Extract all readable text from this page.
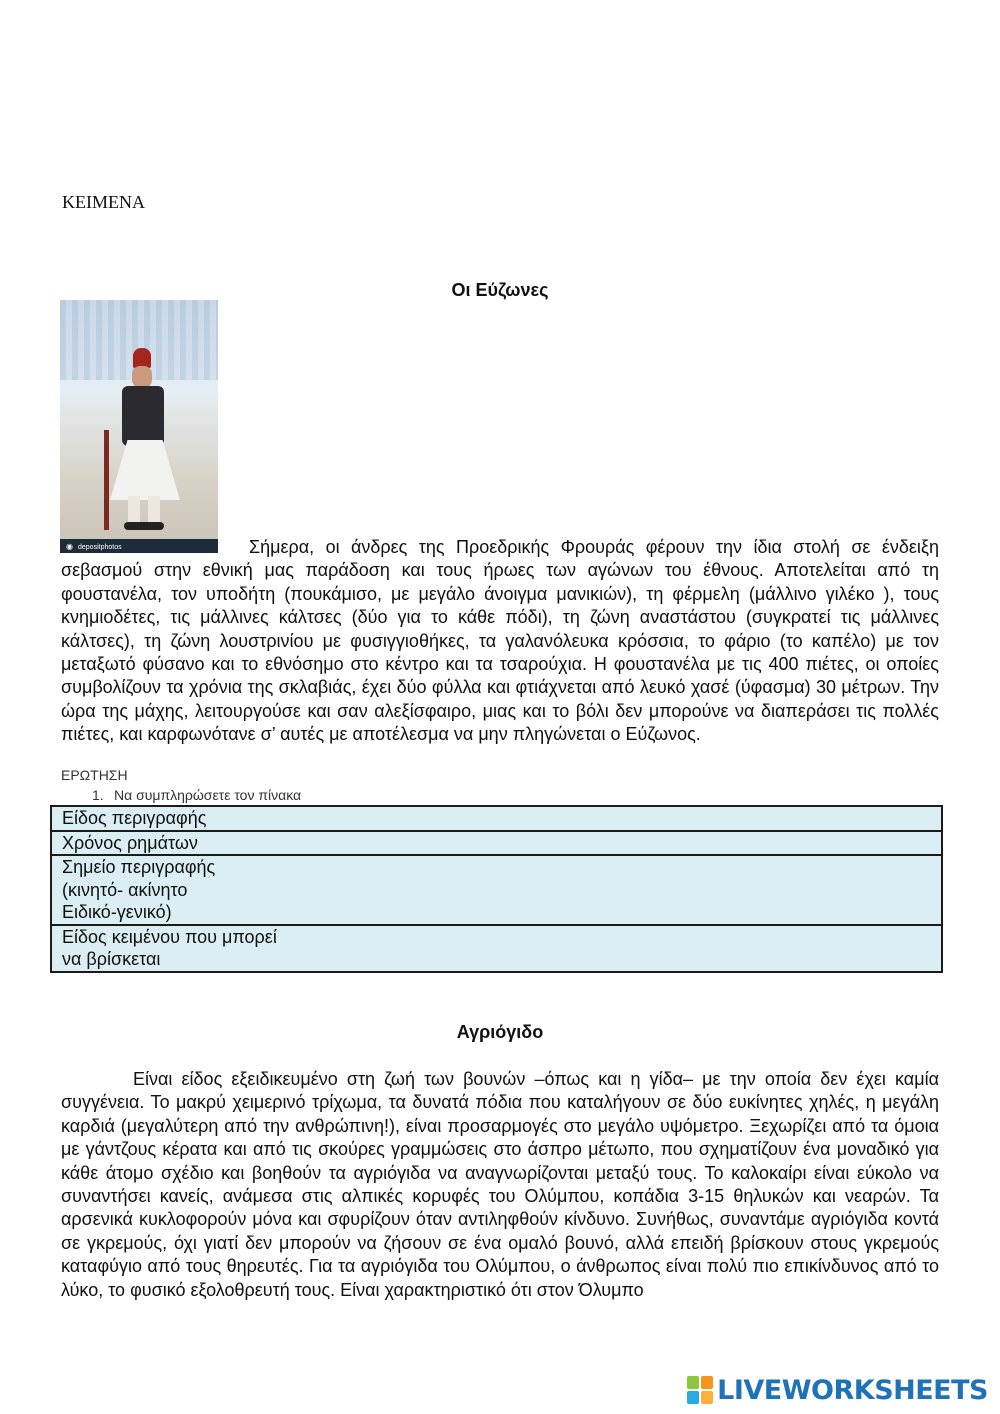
KEIMENA
Οι Εύζωνες
◉ depositphotos	Σήμερα, οι άνδρες της Προεδρικής Φρουράς φέρουν την ίδια στολή σε ένδειξη σεβασμού στην εθνική μας παράδοση και τους ήρωες των αγώνων του έθνους. Αποτελείται από τη φουστανέλα, τον υποδήτη (πουκάμισο, με μεγάλο άνοιγμα μανικιών), τη φέρμελη (μάλλινο γιλέκο ), τους κνημιοδέτες, τις μάλλινες κάλτσες (δύο για το κάθε πόδι), τη ζώνη αναστάστου (συγκρατεί τις μάλλινες κάλτσες), τη ζώνη λουστρινίου με φυσιγγιοθήκες, τα γαλανόλευκα κρόσσια, το φάριο (το καπέλο) με τον μεταξωτό φύσανο και το εθνόσημο στο κέντρο και τα τσαρούχια. Η φουστανέλα με τις 400 πιέτες, οι οποίες συμβολίζουν τα χρόνια της σκλαβιάς, έχει δύο φύλλα και φτιάχνεται από λευκό χασέ (ύφασμα) 30 μέτρων. Την ώρα της μάχης, λειτουργούσε και σαν αλεξίσφαιρο, μιας και το βόλι δεν μπορούνε να διαπεράσει τις πολλές πιέτες, και καρφωνότανε σ’ αυτές με αποτέλεσμα να μην πληγώνεται ο Εύζωνος.

ΕΡΩΤΗΣΗ
1. Να συμπληρώσετε τον πίνακα
Είδος περιγραφής

Χρόνος ρημάτων

Σημείο περιγραφής
(κινητό- ακίνητο
Ειδικό-γενικό)

Είδος κειμένου που μπορεί
να βρίσκεται
Αγριόγιδο

Είναι είδος εξειδικευμένο στη ζωή των βουνών –όπως και η γίδα– με την οποία δεν έχει καμία συγγένεια. Το μακρύ χειμερινό τρίχωμα, τα δυνατά πόδια που καταλήγουν σε δύο ευκίνητες χηλές, η μεγάλη καρδιά (μεγαλύτερη από την ανθρώπινη!), είναι προσαρμογές στο μεγάλο υψόμετρο. Ξεχωρίζει από τα όμοια με γάντζους κέρατα και από τις σκούρες γραμμώσεις στο άσπρο μέτωπο, που σχηματίζουν ένα μοναδικό για κάθε άτομο σχέδιο και βοηθούν τα αγριόγιδα να αναγνωρίζονται μεταξύ τους. Το καλοκαίρι είναι εύκολο να συναντήσει κανείς, ανάμεσα στις αλπικές κορυφές του Ολύμπου, κοπάδια 3-15 θηλυκών και νεαρών. Τα αρσενικά κυκλοφορούν μόνα και σφυρίζουν όταν αντιληφθούν κίνδυνο. Συνήθως, συναντάμε αγριόγιδα κοντά σε γκρεμούς, όχι γιατί δεν μπορούν να ζήσουν σε ένα ομαλό βουνό, αλλά επειδή βρίσκουν στους γκρεμούς καταφύγιο από τους θηρευτές. Για τα αγριόγιδα του Ολύμπου, ο άνθρωπος είναι πολύ πιο επικίνδυνος από το λύκο, το φυσικό εξολοθρευτή τους. Είναι χαρακτηριστικό ότι στον Όλυμπο

LIVEWORKSHEETS
